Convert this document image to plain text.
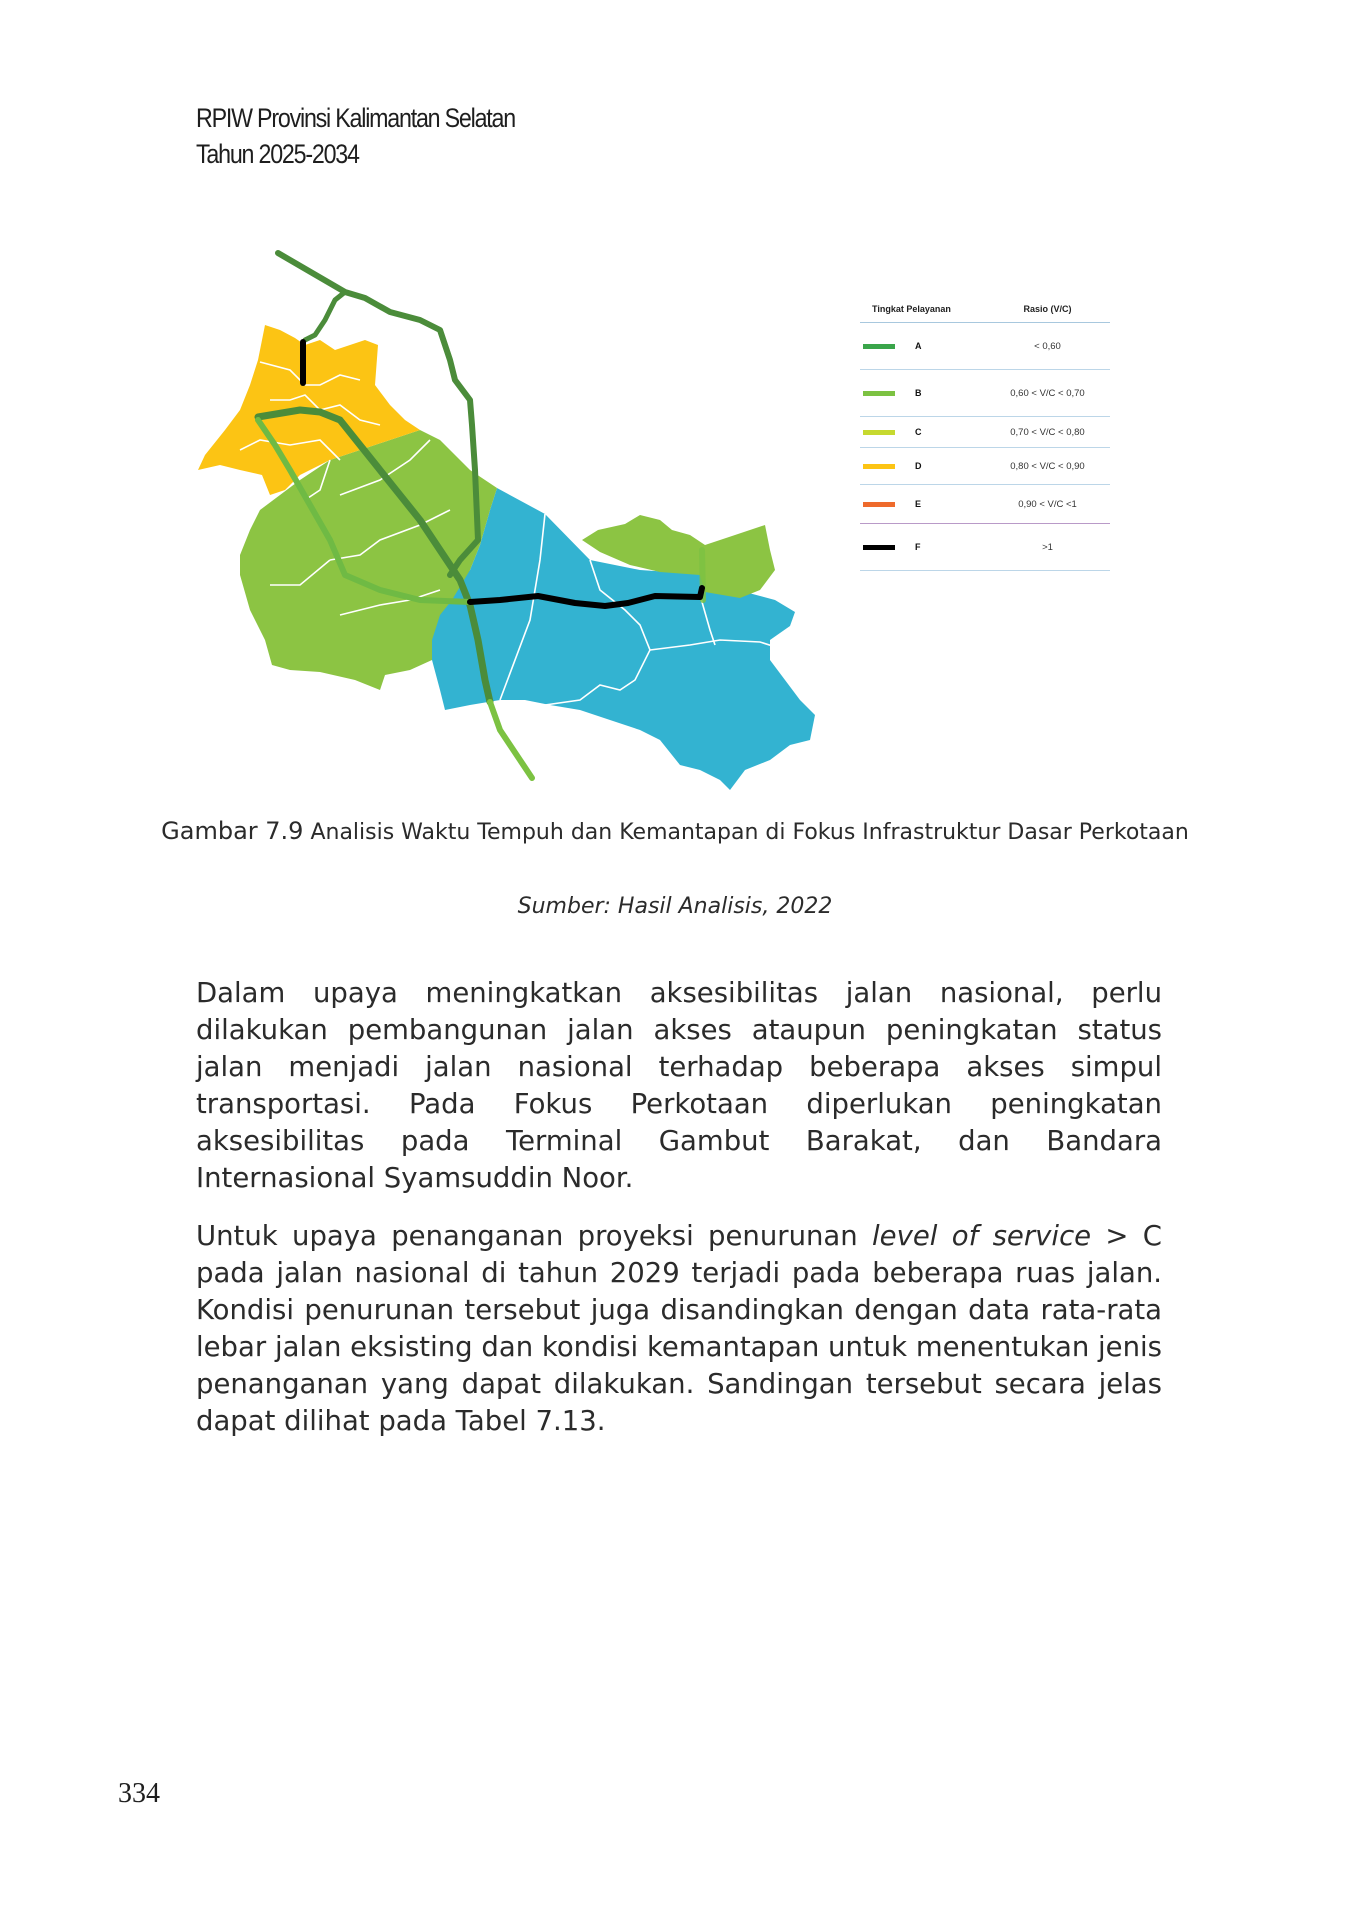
RPIW Provinsi Kalimantan Selatan
Tahun 2025-2034
Tingkat Pelayanan	Rasio (V/C)
A	< 0,60
B	0,60 < V/C < 0,70
C	0,70 < V/C < 0,80
D	0,80 < V/C < 0,90
E	0,90 < V/C <1
F	>1
Gambar 7.9 Analisis Waktu Tempuh dan Kemantapan di Fokus Infrastruktur Dasar Perkotaan
Sumber: Hasil Analisis, 2022

Dalam upaya meningkatkan aksesibilitas jalan nasional, perlu dilakukan pembangunan jalan akses ataupun peningkatan status jalan menjadi jalan nasional terhadap beberapa akses simpul transportasi. Pada Fokus Perkotaan diperlukan peningkatan aksesibilitas pada Terminal Gambut Barakat, dan Bandara Internasional Syamsuddin Noor.

Untuk upaya penanganan proyeksi penurunan level of service > C pada jalan nasional di tahun 2029 terjadi pada beberapa ruas jalan. Kondisi penurunan tersebut juga disandingkan dengan data rata-rata lebar jalan eksisting dan kondisi kemantapan untuk menentukan jenis penanganan yang dapat dilakukan. Sandingan tersebut secara jelas dapat dilihat pada Tabel 7.13.

334
